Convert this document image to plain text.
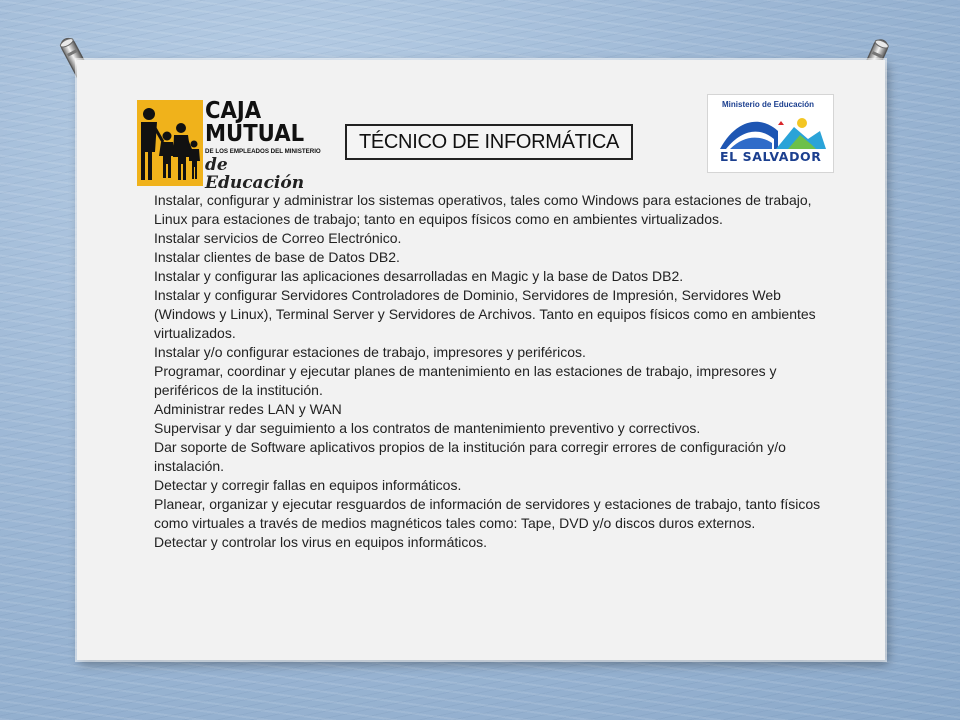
CAJA
MUTUAL
DE LOS EMPLEADOS DEL MINISTERIO
de Educación
TÉCNICO DE INFORMÁTICA
Ministerio de Educación
EL SALVADOR

Instalar, configurar y administrar los sistemas operativos, tales como Windows para estaciones de trabajo, Linux para estaciones de trabajo; tanto en equipos físicos como en ambientes virtualizados.

Instalar servicios de Correo Electrónico.

Instalar clientes de base de Datos DB2.

Instalar y configurar las aplicaciones desarrolladas en Magic y la base de Datos DB2.

Instalar y configurar Servidores Controladores de Dominio, Servidores de Impresión, Servidores Web (Windows y Linux), Terminal Server y Servidores de Archivos. Tanto en equipos físicos como en ambientes virtualizados.

Instalar y/o configurar estaciones de trabajo, impresores y periféricos.

Programar, coordinar y ejecutar planes de mantenimiento en las estaciones de trabajo, impresores y periféricos de la institución.

Administrar redes LAN y WAN

Supervisar y dar seguimiento a los contratos de mantenimiento preventivo y correctivos.

Dar soporte de Software aplicativos propios de la institución para corregir errores de configuración y/o instalación.

Detectar y corregir fallas en equipos informáticos.

Planear, organizar y ejecutar resguardos de información de servidores y estaciones de trabajo, tanto físicos como virtuales a través de medios magnéticos tales como: Tape, DVD y/o discos duros externos.

Detectar y controlar los virus en equipos informáticos.
